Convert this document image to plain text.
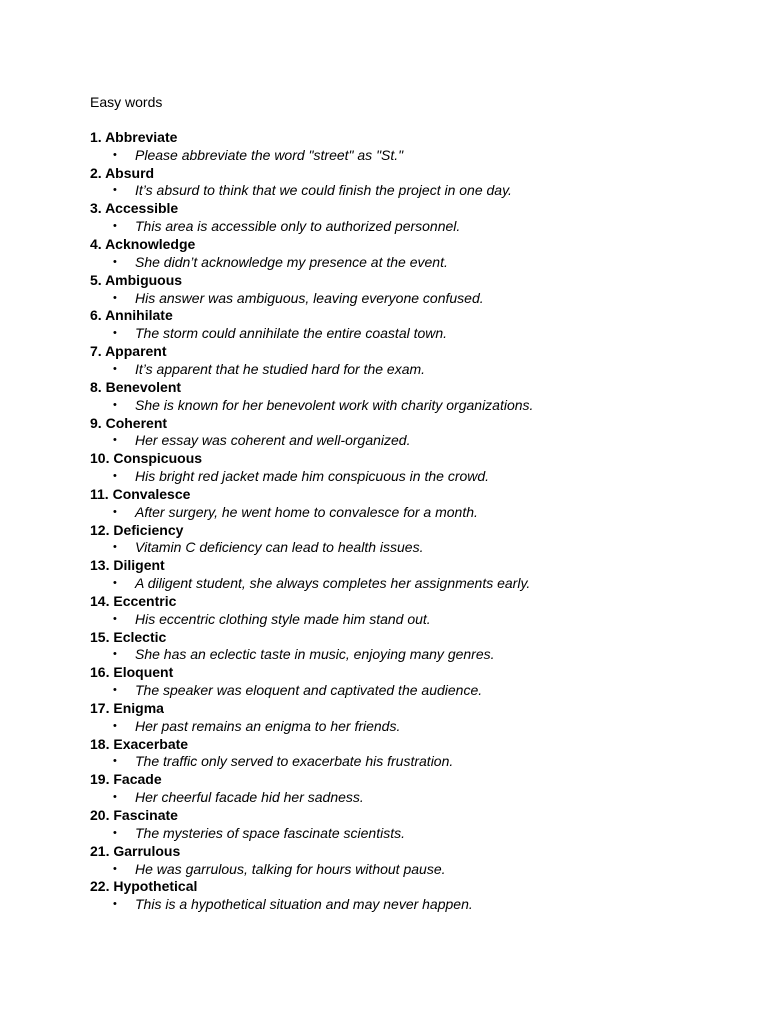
Easy words
1. Abbreviate
• Please abbreviate the word "street" as "St."
2. Absurd
• It’s absurd to think that we could finish the project in one day.
3. Accessible
• This area is accessible only to authorized personnel.
4. Acknowledge
• She didn’t acknowledge my presence at the event.
5. Ambiguous
• His answer was ambiguous, leaving everyone confused.
6. Annihilate
• The storm could annihilate the entire coastal town.
7. Apparent
• It’s apparent that he studied hard for the exam.
8. Benevolent
• She is known for her benevolent work with charity organizations.
9. Coherent
• Her essay was coherent and well-organized.
10. Conspicuous
• His bright red jacket made him conspicuous in the crowd.
11. Convalesce
• After surgery, he went home to convalesce for a month.
12. Deficiency
• Vitamin C deficiency can lead to health issues.
13. Diligent
• A diligent student, she always completes her assignments early.
14. Eccentric
• His eccentric clothing style made him stand out.
15. Eclectic
• She has an eclectic taste in music, enjoying many genres.
16. Eloquent
• The speaker was eloquent and captivated the audience.
17. Enigma
• Her past remains an enigma to her friends.
18. Exacerbate
• The traffic only served to exacerbate his frustration.
19. Facade
• Her cheerful facade hid her sadness.
20. Fascinate
• The mysteries of space fascinate scientists.
21. Garrulous
• He was garrulous, talking for hours without pause.
22. Hypothetical
• This is a hypothetical situation and may never happen.
